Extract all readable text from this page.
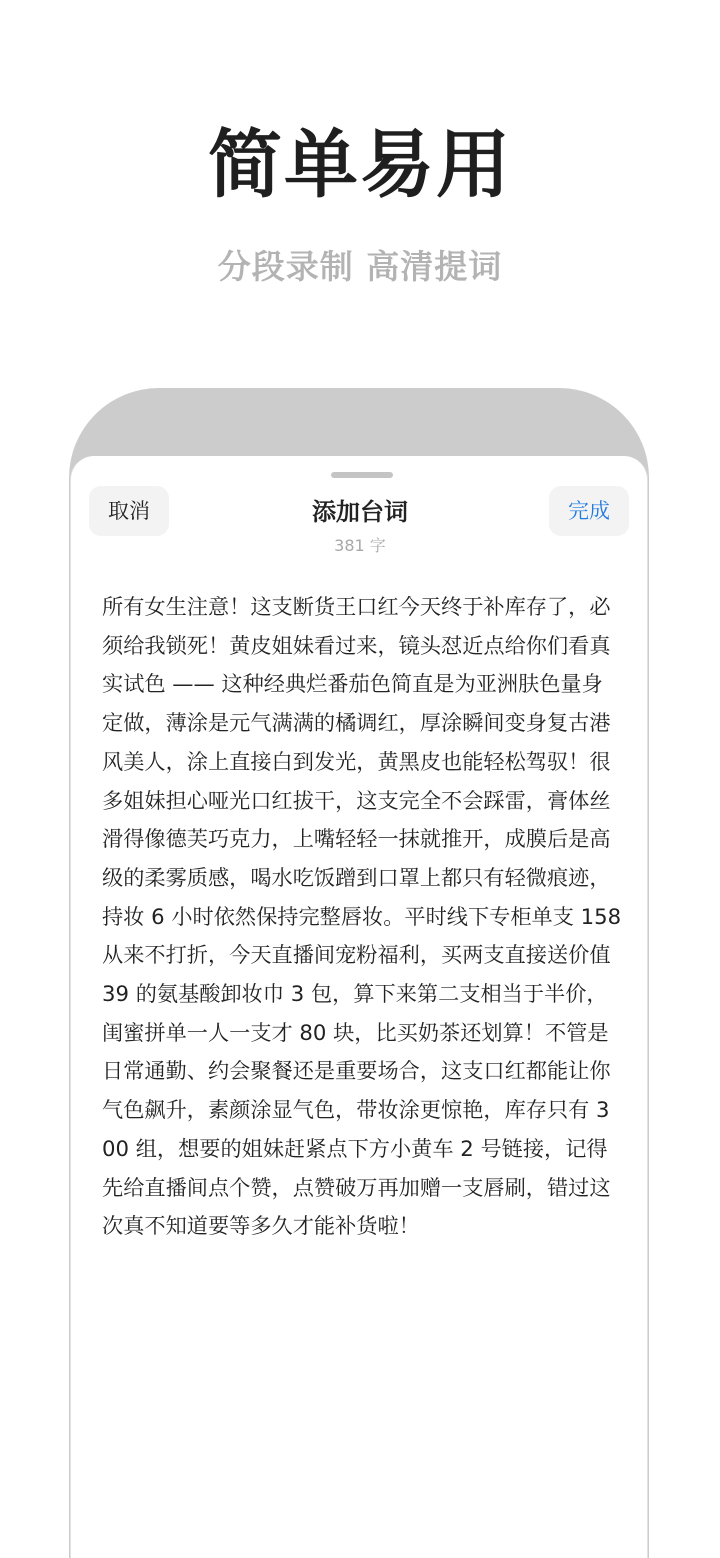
简单易用
分段录制 高清提词
取消	添加台词	完成
381 字
所有女生注意！这支断货王口红今天终于补库存了，必须给我锁死！黄皮姐妹看过来，镜头怼近点给你们看真实试色 —— 这种经典烂番茄色简直是为亚洲肤色量身定做，薄涂是元气满满的橘调红，厚涂瞬间变身复古港风美人，涂上直接白到发光，黄黑皮也能轻松驾驭！很多姐妹担心哑光口红拔干，这支完全不会踩雷，膏体丝滑得像德芙巧克力，上嘴轻轻一抹就推开，成膜后是高级的柔雾质感，喝水吃饭蹭到口罩上都只有轻微痕迹，持妆 6 小时依然保持完整唇妆。平时线下专柜单支 158 从来不打折，今天直播间宠粉福利，买两支直接送价值 39 的氨基酸卸妆巾 3 包，算下来第二支相当于半价，闺蜜拼单一人一支才 80 块，比买奶茶还划算！不管是日常通勤、约会聚餐还是重要场合，这支口红都能让你气色飙升，素颜涂显气色，带妆涂更惊艳，库存只有 300 组，想要的姐妹赶紧点下方小黄车 2 号链接，记得先给直播间点个赞，点赞破万再加赠一支唇刷，错过这次真不知道要等多久才能补货啦！
